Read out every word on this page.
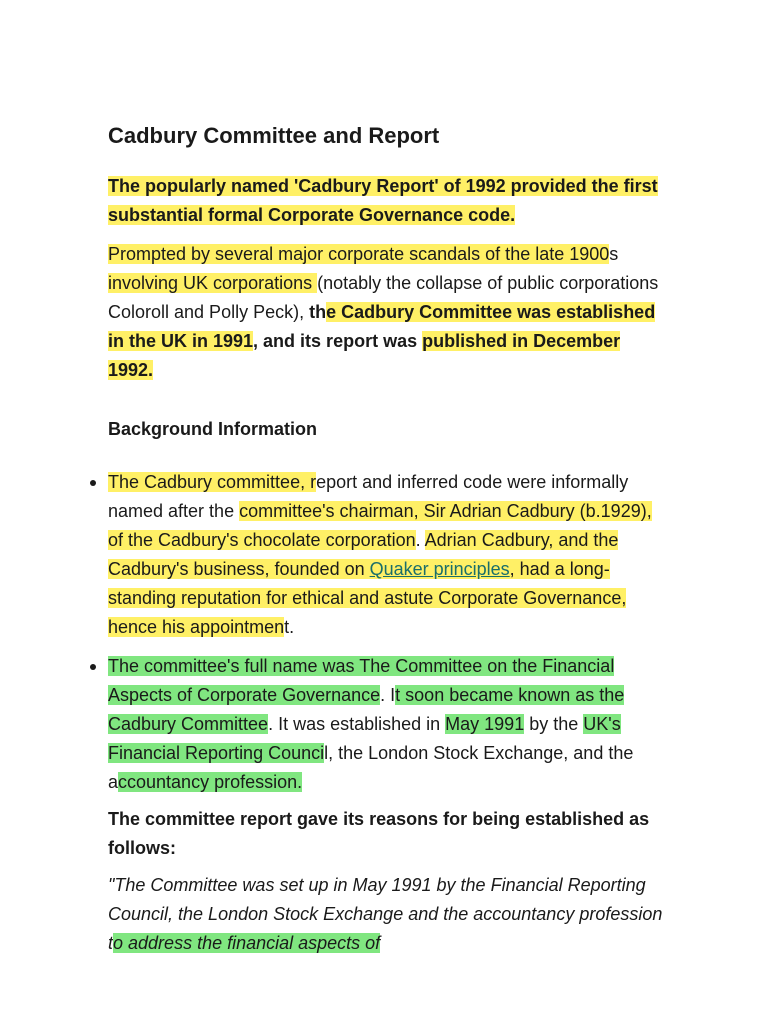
Cadbury Committee and Report

The popularly named 'Cadbury Report' of 1992 provided the first substantial formal Corporate Governance code.

Prompted by several major corporate scandals of the late 1900s involving UK corporations (notably the collapse of public corporations Coloroll and Polly Peck), the Cadbury Committee was established in the UK in 1991, and its report was published in December 1992.

Background Information
The Cadbury committee, report and inferred code were informally named after the committee's chairman, Sir Adrian Cadbury (b.1929), of the Cadbury's chocolate corporation. Adrian Cadbury, and the Cadbury's business, founded on Quaker principles, had a long-standing reputation for ethical and astute Corporate Governance, hence his appointment.
The committee's full name was The Committee on the Financial Aspects of Corporate Governance. It soon became known as the Cadbury Committee. It was established in May 1991 by the UK's Financial Reporting Council, the London Stock Exchange, and the accountancy profession.

The committee report gave its reasons for being established as follows:

"The Committee was set up in May 1991 by the Financial Reporting Council, the London Stock Exchange and the accountancy profession to address the financial aspects of
